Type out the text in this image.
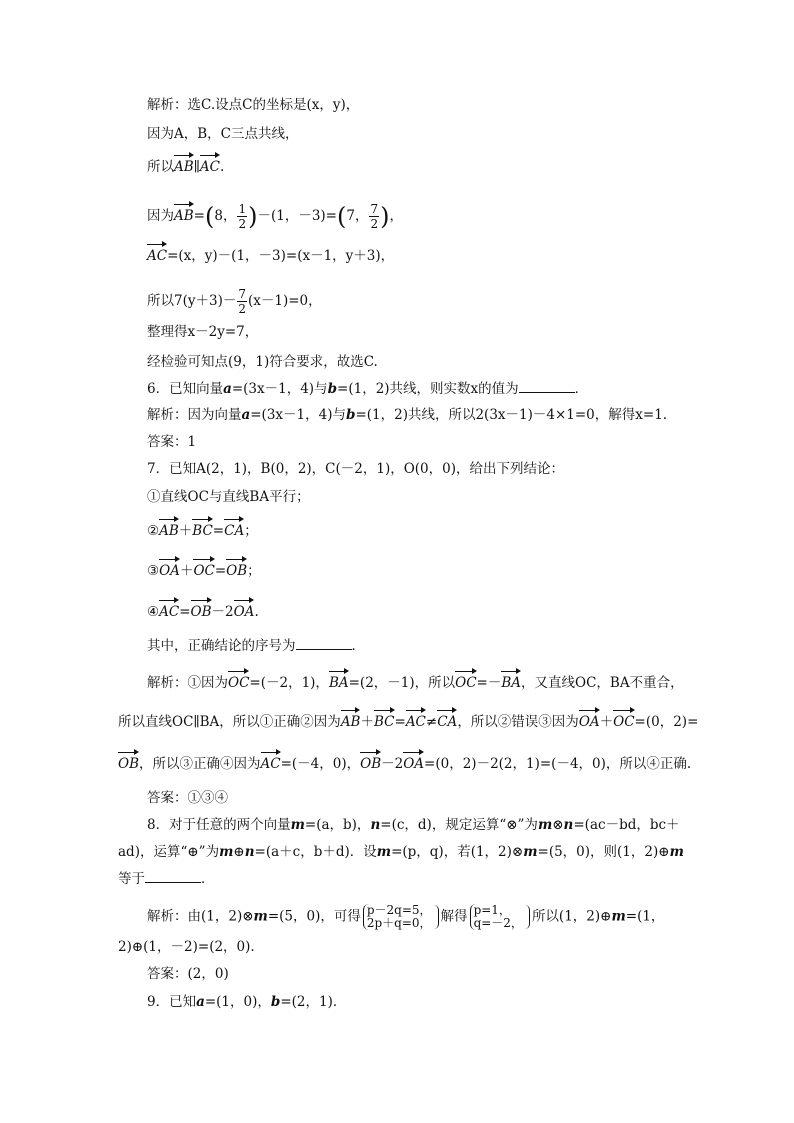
解析：选C.设点C的坐标是(x，y)，
因为A，B，C三点共线，
所以AB∥AC.
因为AB=(8， $\frac{1}{2} )-(1$，－3)=(7， $\frac{7}{2}$ )，
AC=(x，y)－(1，－3)=(x－1，y＋3)，
所以$7(y+3)- \frac{7}{2} (x-1)=0$，
整理得x－2y=7，
经检验可知点(9，1)符合要求，故选C.
6．已知向量a=(3x－1，4)与b=(1，2)共线，则实数x的值为	．
解析：因为向量a=(3x－1，4)与b=(1，2)共线，所以2(3x－1)－4×1=0，解得x=1.
答案：1
7．已知A(2，1)，B(0，2)，C(－2，1)，O(0，0)，给出下列结论：
①直线OC与直线BA平行；
②AB＋BC=CA；
③OA＋OC=OB；
④AC=OB－2OA.
其中，正确结论的序号为	．
解析：①因为OC=(－2，1)，BA=(2，－1)，所以OC=－BA，又直线OC，BA不重合，
所以直线OC∥BA，所以①正确②因为AB＋BC=AC≠CA，所以②错误③因为OA＋OC=(0，2)=
OB，所以③正确④因为AC=(－4，0)，OB－2OA=(0，2)－2(2，1)=(－4，0)，所以④正确.
答案：①③④
8．对于任意的两个向量m=(a，b)，n=(c，d)，规定运算“⊗”为m⊗n=(ac－bd，bc＋
ad)，运算“⊕”为m⊕n=(a＋c，b＋d)．设m=(p，q)，若(1，2)⊗m=(5，0)，则(1，2)⊕m
等于	．
解析：由(1，2)⊗m=(5，0)，可得 p－2q=5，
2p＋q=0， 解得 p=1，
q=－2， 所以(1，2)⊕m=(1，
2)⊕(1，－2)=(2，0).
答案：(2，0)
9．已知a=(1，0)，b=(2，1)．
